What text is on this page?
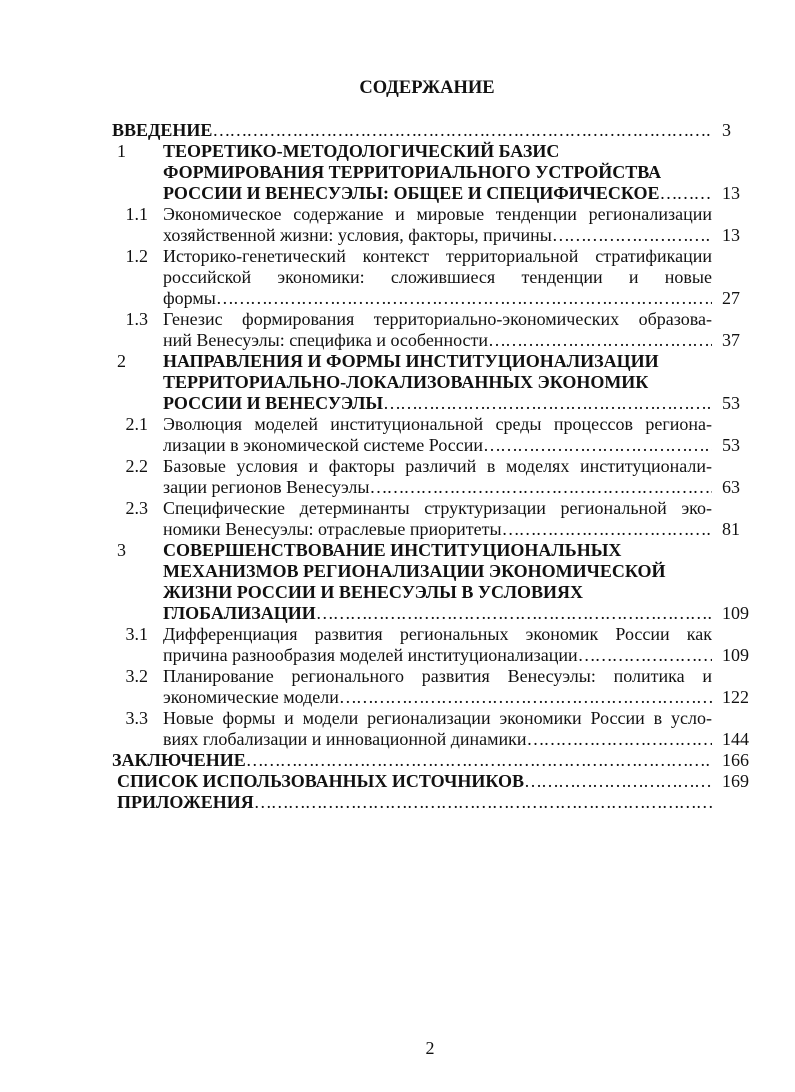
СОДЕРЖАНИЕ
ВВЕДЕНИЕ ……………………………………………………………………………………………………………………………………………………………………	3
1	ТЕОРЕТИКО-МЕТОДОЛОГИЧЕСКИЙ БАЗИС
ФОРМИРОВАНИЯ ТЕРРИТОРИАЛЬНОГО УСТРОЙСТВА
РОССИИ И ВЕНЕСУЭЛЫ: ОБЩЕЕ И СПЕЦИФИЧЕСКОЕ ……………………………………………………………………………………………………………………………………………………………………	13
1.1 Экономическое содержание и мировые тенденции регионализации
хозяйственной жизни: условия, факторы, причины ……………………………………………………………………………………………………………………………………………………………………	13
1.2 Историко-генетический контекст территориальной стратификации
российской экономики: сложившиеся тенденции и новые
формы ……………………………………………………………………………………………………………………………………………………………………	27
1.3 Генезис формирования территориально-экономических образова-
ний Венесуэлы: специфика и особенности ……………………………………………………………………………………………………………………………………………………………………	37
2	НАПРАВЛЕНИЯ И ФОРМЫ ИНСТИТУЦИОНАЛИЗАЦИИ
ТЕРРИТОРИАЛЬНО-ЛОКАЛИЗОВАННЫХ ЭКОНОМИК
РОССИИ И ВЕНЕСУЭЛЫ ……………………………………………………………………………………………………………………………………………………………………	53
2.1 Эволюция моделей институциональной среды процессов региона-
лизации в экономической системе России ……………………………………………………………………………………………………………………………………………………………………	53
2.2 Базовые условия и факторы различий в моделях институционали-
зации регионов Венесуэлы ……………………………………………………………………………………………………………………………………………………………………	63
2.3 Специфические детерминанты структуризации региональной эко-
номики Венесуэлы: отраслевые приоритеты ……………………………………………………………………………………………………………………………………………………………………	81
3	СОВЕРШЕНСТВОВАНИЕ ИНСТИТУЦИОНАЛЬНЫХ
МЕХАНИЗМОВ РЕГИОНАЛИЗАЦИИ ЭКОНОМИЧЕСКОЙ
ЖИЗНИ РОССИИ И ВЕНЕСУЭЛЫ В УСЛОВИЯХ
ГЛОБАЛИЗАЦИИ ……………………………………………………………………………………………………………………………………………………………………	109
3.1 Дифференциация развития региональных экономик России как
причина разнообразия моделей институционализации ……………………………………………………………………………………………………………………………………………………………………	109
3.2 Планирование регионального развития Венесуэлы: политика и
экономические модели ……………………………………………………………………………………………………………………………………………………………………	122
3.3 Новые формы и модели регионализации экономики России в усло-
виях глобализации и инновационной динамики ……………………………………………………………………………………………………………………………………………………………………	144
ЗАКЛЮЧЕНИЕ ……………………………………………………………………………………………………………………………………………………………………	166
СПИСОК ИСПОЛЬЗОВАННЫХ ИСТОЧНИКОВ ……………………………………………………………………………………………………………………………………………………………………	169
ПРИЛОЖЕНИЯ
……………………………………………………………………………………………………………………………………………………………………
2
